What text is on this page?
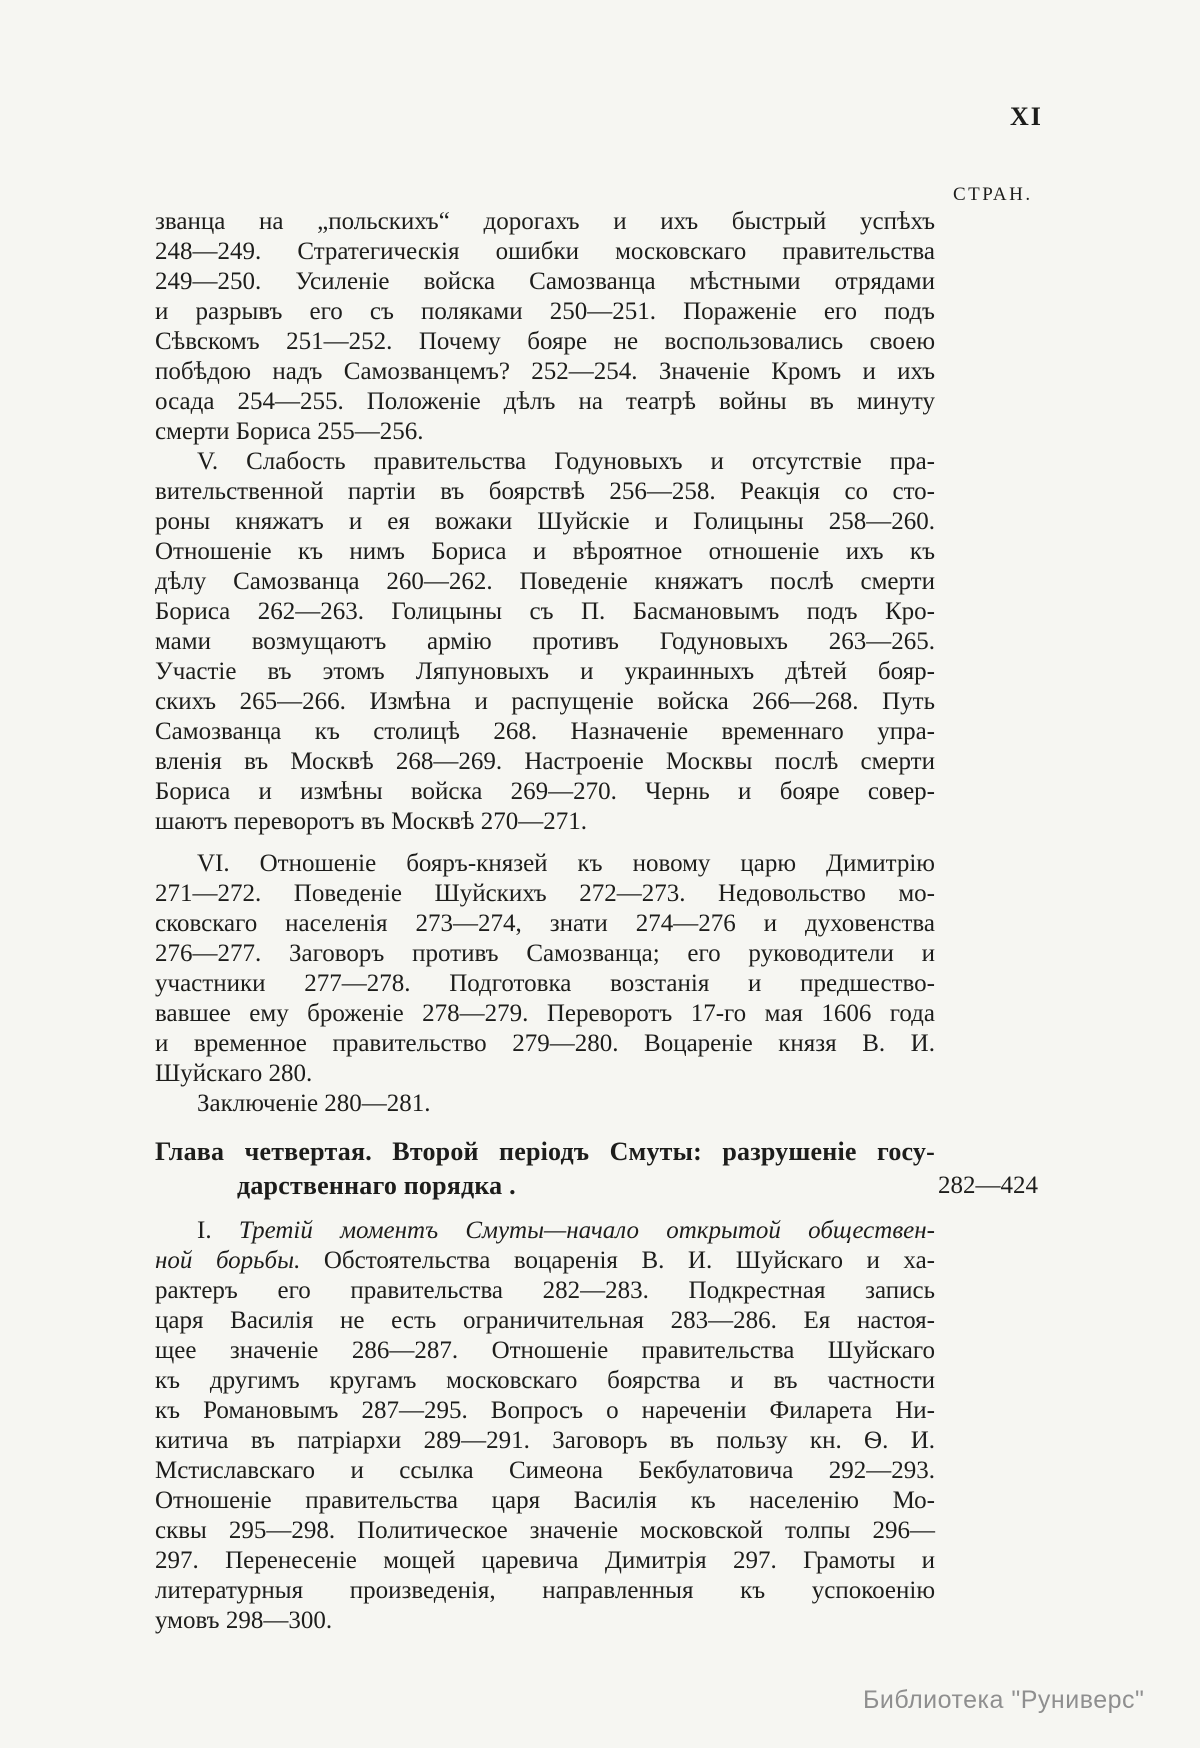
XI
СТРАН.
званца на „польскихъ“ дорогахъ и ихъ быстрый успѣхъ
248—249. Стратегическія ошибки московскаго правительства
249—250. Усиленіе войска Самозванца мѣстными отрядами
и разрывъ его съ поляками 250—251. Пораженіе его подъ
Сѣвскомъ 251—252. Почему бояре не воспользовались своею
побѣдою надъ Самозванцемъ? 252—254. Значеніе Кромъ и ихъ
осада 254—255. Положеніе дѣлъ на театрѣ войны въ минуту
смерти Бориса 255—256.
V. Слабость правительства Годуновыхъ и отсутствіе пра-
вительственной партіи въ боярствѣ 256—258. Реакція со сто-
роны княжатъ и ея вожаки Шуйскіе и Голицыны 258—260.
Отношеніе къ нимъ Бориса и вѣроятное отношеніе ихъ къ
дѣлу Самозванца 260—262. Поведеніе княжатъ послѣ смерти
Бориса 262—263. Голицыны съ П. Басмановымъ подъ Кро-
мами возмущаютъ армію противъ Годуновыхъ 263—265.
Участіе въ этомъ Ляпуновыхъ и украинныхъ дѣтей бояр-
скихъ 265—266. Измѣна и распущеніе войска 266—268. Путь
Самозванца къ столицѣ 268. Назначеніе временнаго упра-
вленія въ Москвѣ 268—269. Настроеніе Москвы послѣ смерти
Бориса и измѣны войска 269—270. Чернь и бояре совер-
шаютъ переворотъ въ Москвѣ 270—271.
VI. Отношеніе бояръ-князей къ новому царю Димитрію
271—272. Поведеніе Шуйскихъ 272—273. Недовольство мо-
сковскаго населенія 273—274, знати 274—276 и духовенства
276—277. Заговоръ противъ Самозванца; его руководители и
участники 277—278. Подготовка возстанія и предшество-
вавшее ему броженіе 278—279. Переворотъ 17-го мая 1606 года
и временное правительство 279—280. Воцареніе князя В. И.
Шуйскаго 280.
Заключеніе 280—281.
Глава четвертая. Второй періодъ Смуты: разрушеніе госу-
дарственнаго порядка .	282—424
I. Третій моментъ Смуты—начало открытой обществен-
ной борьбы. Обстоятельства воцаренія В. И. Шуйскаго и ха-
рактеръ его правительства 282—283. Подкрестная запись
царя Василія не есть ограничительная 283—286. Ея настоя-
щее значеніе 286—287. Отношеніе правительства Шуйскаго
къ другимъ кругамъ московскаго боярства и въ частности
къ Романовымъ 287—295. Вопросъ о нареченіи Филарета Ни-
китича въ патріархи 289—291. Заговоръ въ пользу кн. Ѳ. И.
Мстиславскаго и ссылка Симеона Бекбулатовича 292—293.
Отношеніе правительства царя Василія къ населенію Мо-
сквы 295—298. Политическое значеніе московской толпы 296—
297. Перенесеніе мощей царевича Димитрія 297. Грамоты и
литературныя произведенія, направленныя къ успокоенію
умовъ 298—300.
Библиотека "Руниверс"
